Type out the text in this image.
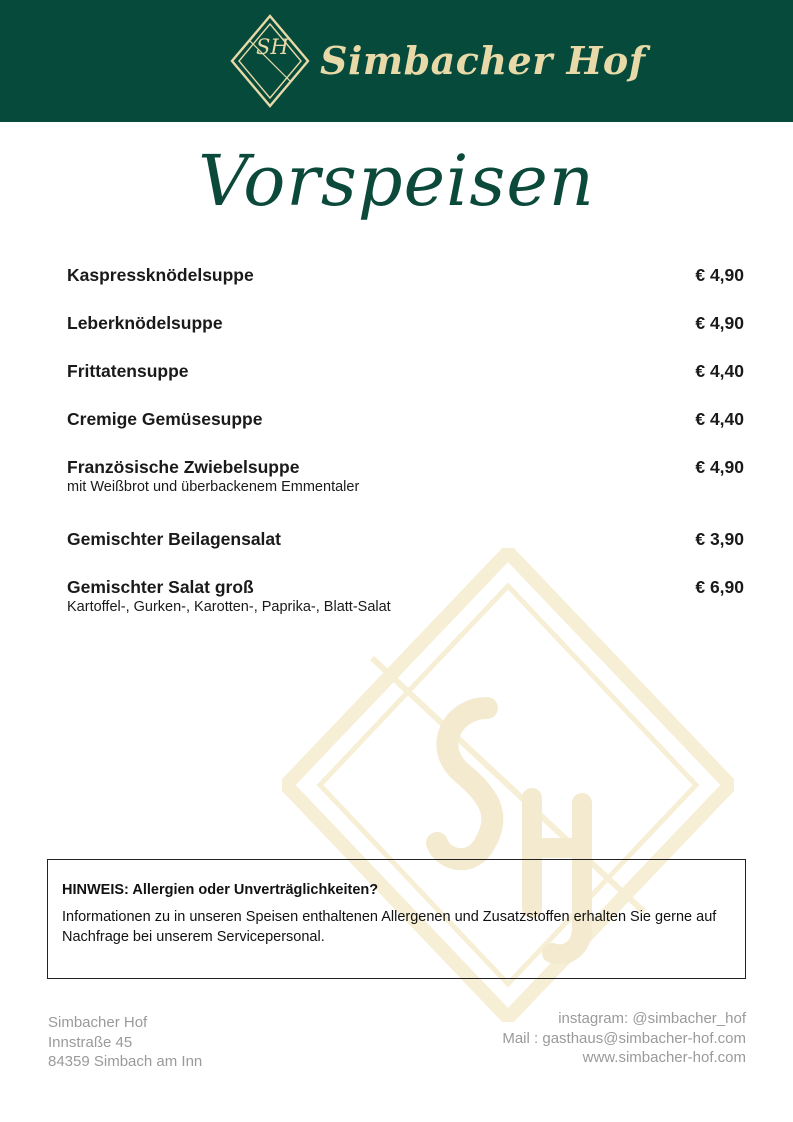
SH Simbacher Hof
Vorspeisen
Kaspressknödelsuppe	€ 4,90
Leberknödelsuppe	€ 4,90
Frittatensuppe	€ 4,40
Cremige Gemüsesuppe	€ 4,40
Französische Zwiebelsuppe	€ 4,90
mit Weißbrot und überbackenem Emmentaler
Gemischter Beilagensalat	€ 3,90
Gemischter Salat groß	€ 6,90
Kartoffel-, Gurken-, Karotten-, Paprika-, Blatt-Salat
HINWEIS: Allergien oder Unverträglichkeiten?
Informationen zu in unseren Speisen enthaltenen Allergenen und Zusatzstoffen erhalten Sie gerne auf Nachfrage bei unserem Servicepersonal.
Simbacher Hof
Innstraße 45
84359 Simbach am Inn
instagram: @simbacher_hof
Mail : gasthaus@simbacher-hof.com
www.simbacher-hof.com
